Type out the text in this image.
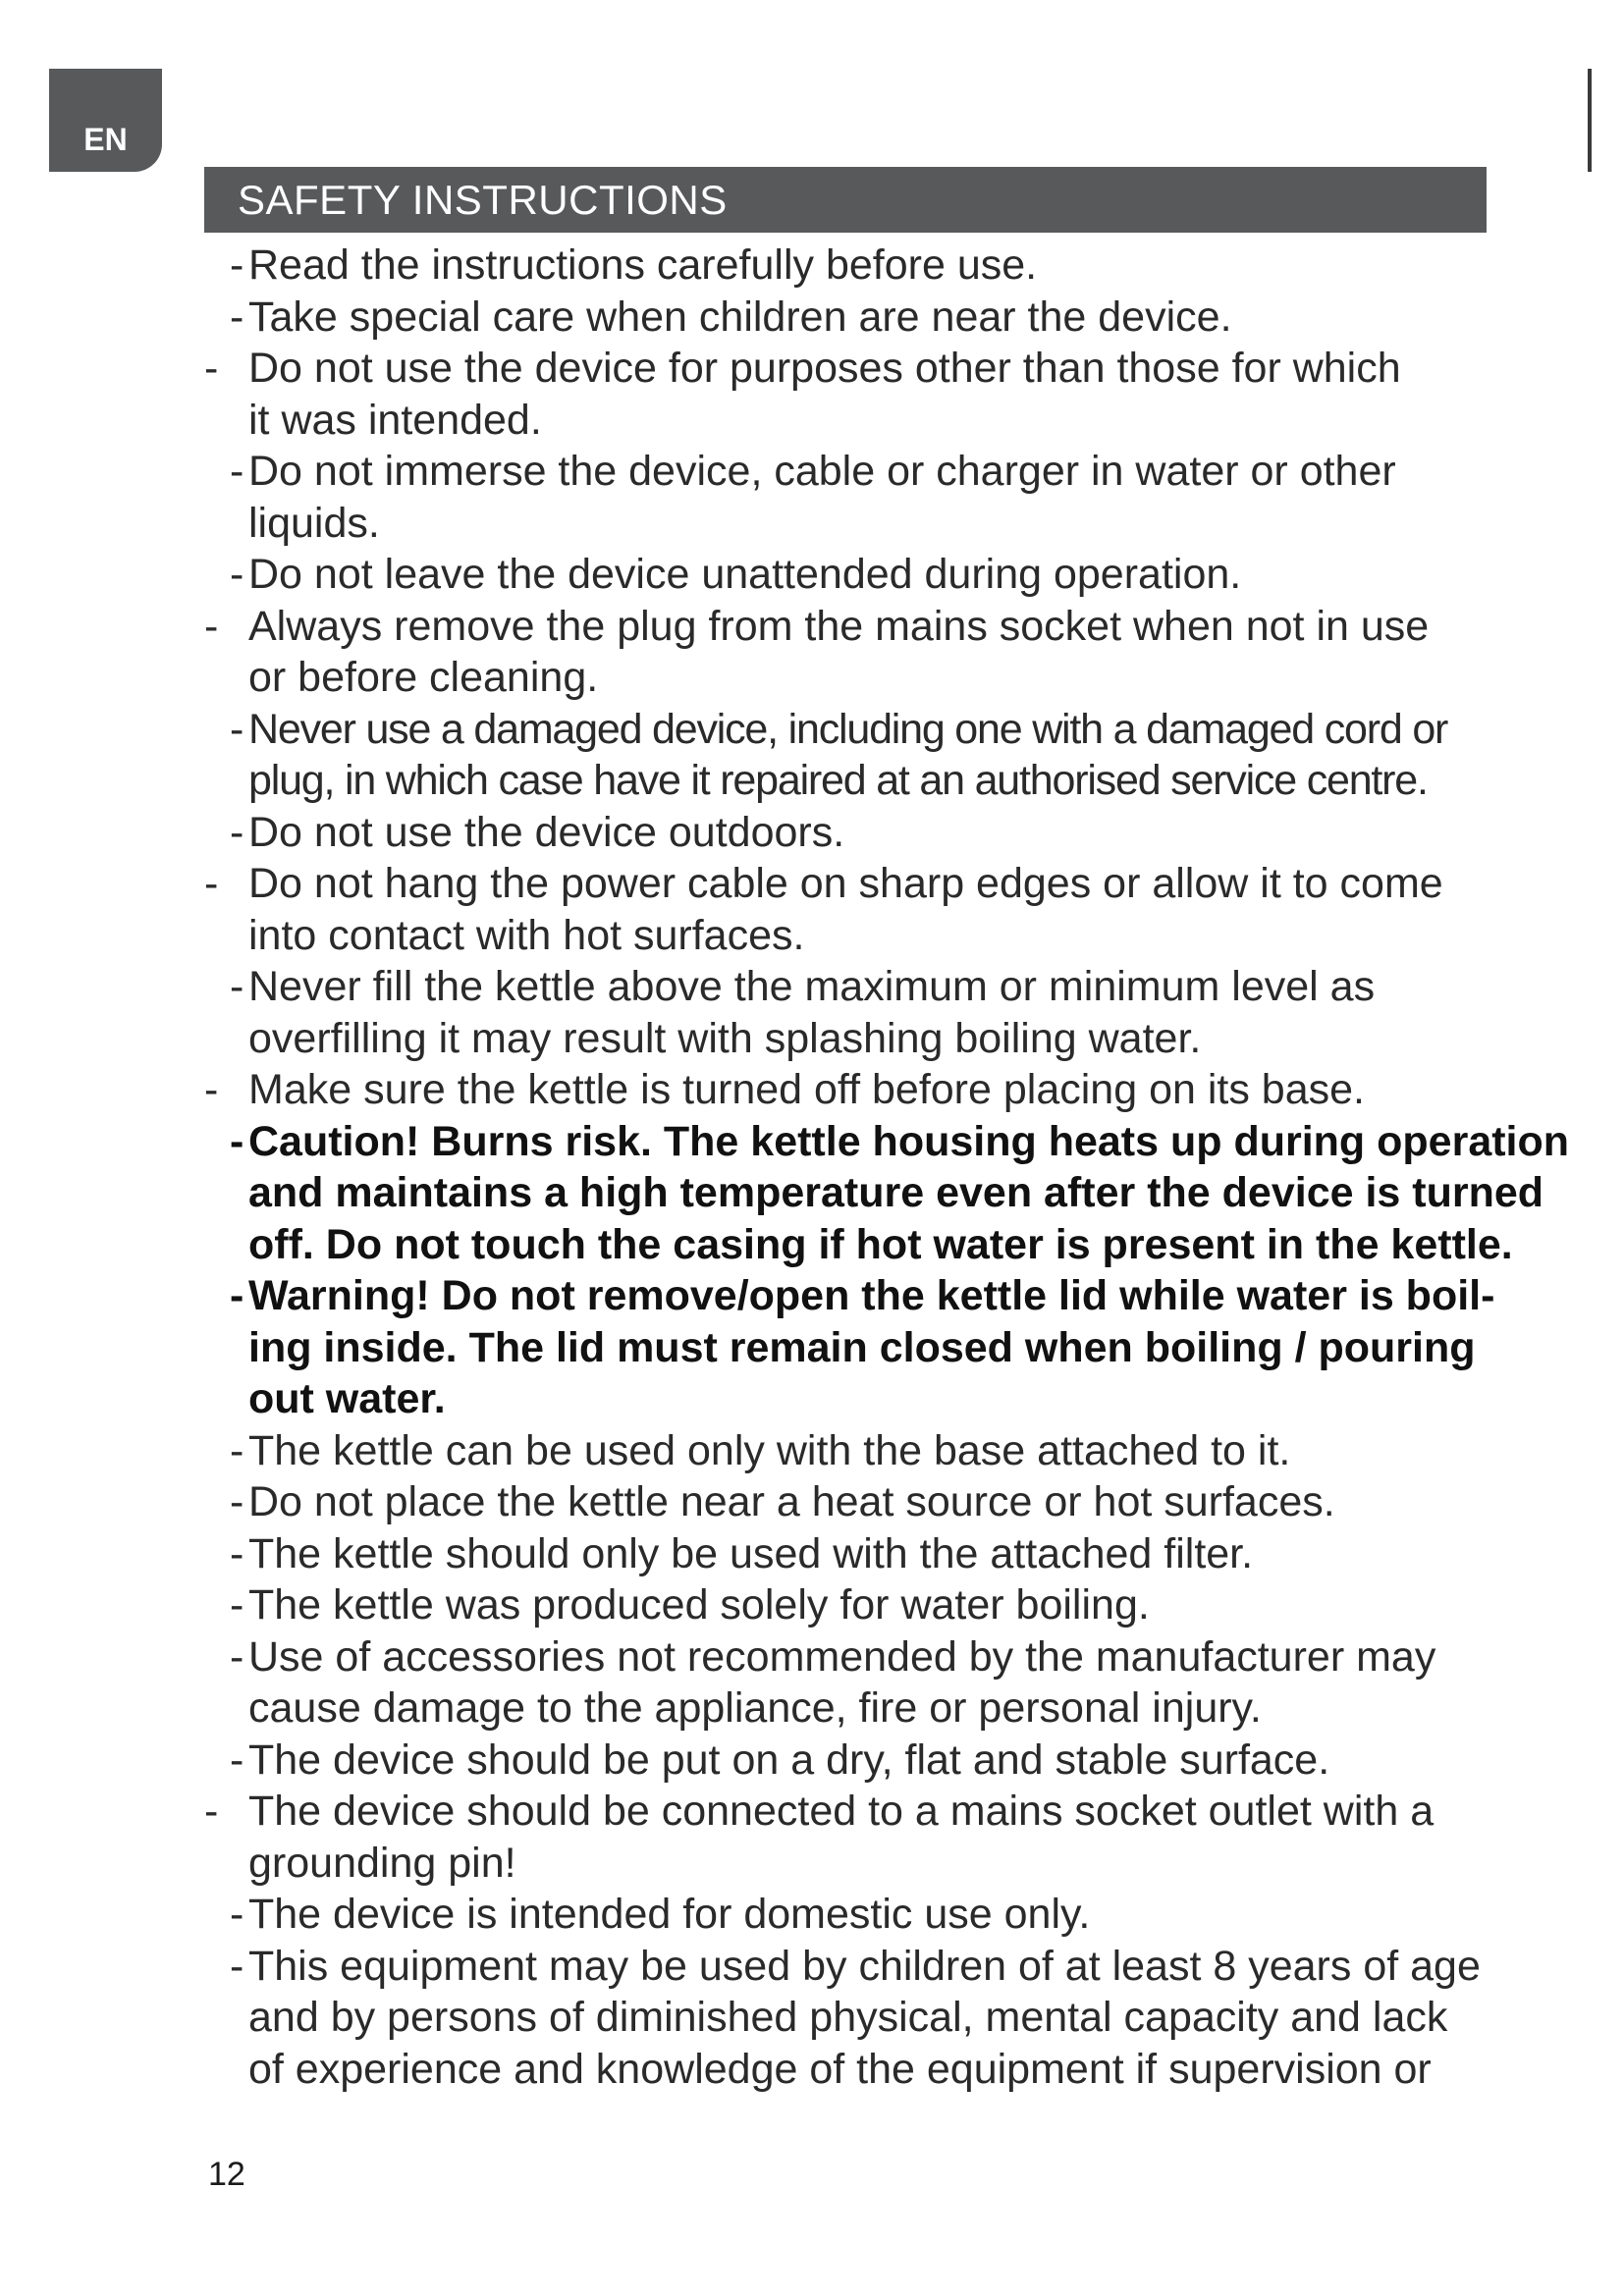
EN
SAFETY INSTRUCTIONS
- Read the instructions carefully before use.
- Take special care when children are near the device.
- Do not use the device for purposes other than those for which
it was intended.
- Do not immerse the device, cable or charger in water or other
liquids.
- Do not leave the device unattended during operation.
- Always remove the plug from the mains socket when not in use
or before cleaning.
- Never use a damaged device, including one with a damaged cord or
plug, in which case have it repaired at an authorised service centre.
- Do not use the device outdoors.
- Do not hang the power cable on sharp edges or allow it to come
into contact with hot surfaces.
- Never fill the kettle above the maximum or minimum level as
overfilling it may result with splashing boiling water.
- Make sure the kettle is turned off before placing on its base.
- Caution! Burns risk. The kettle housing heats up during operation
and maintains a high temperature even after the device is turned
off. Do not touch the casing if hot water is present in the kettle.
- Warning! Do not remove/open the kettle lid while water is boil-
ing inside. The lid must remain closed when boiling / pouring
out water.
- The kettle can be used only with the base attached to it.
- Do not place the kettle near a heat source or hot surfaces.
- The kettle should only be used with the attached filter.
- The kettle was produced solely for water boiling.
- Use of accessories not recommended by the manufacturer may
cause damage to the appliance, fire or personal injury.
- The device should be put on a dry, flat and stable surface.
- The device should be connected to a mains socket outlet with a
grounding pin!
- The device is intended for domestic use only.
- This equipment may be used by children of at least 8 years of age
and by persons of diminished physical, mental capacity and lack
of experience and knowledge of the equipment if supervision or
12
